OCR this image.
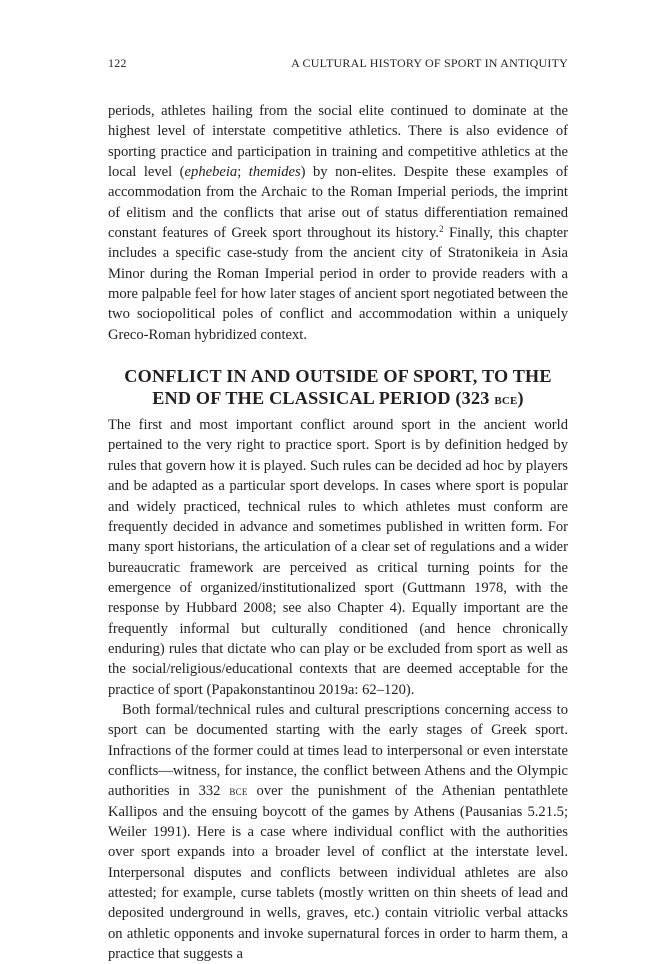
122	A CULTURAL HISTORY OF SPORT IN ANTIQUITY

periods, athletes hailing from the social elite continued to dominate at the highest level of interstate competitive athletics. There is also evidence of sporting practice and participation in training and competitive athletics at the local level (ephebeia; themides) by non-elites. Despite these examples of accommodation from the Archaic to the Roman Imperial periods, the imprint of elitism and the conflicts that arise out of status differentiation remained constant features of Greek sport throughout its history.$^2$ Finally, this chapter includes a specific case-study from the ancient city of Stratonikeia in Asia Minor during the Roman Imperial period in order to provide readers with a more palpable feel for how later stages of ancient sport negotiated between the two sociopolitical poles of conflict and accommodation within a uniquely Greco-Roman hybridized context.

CONFLICT IN AND OUTSIDE OF SPORT, TO THE END OF THE CLASSICAL PERIOD (323 bce)

The first and most important conflict around sport in the ancient world pertained to the very right to practice sport. Sport is by definition hedged by rules that govern how it is played. Such rules can be decided ad hoc by players and be adapted as a particular sport develops. In cases where sport is popular and widely practiced, technical rules to which athletes must conform are frequently decided in advance and sometimes published in written form. For many sport historians, the articulation of a clear set of regulations and a wider bureaucratic framework are perceived as critical turning points for the emergence of organized/institutionalized sport (Guttmann 1978, with the response by Hubbard 2008; see also Chapter 4). Equally important are the frequently informal but culturally conditioned (and hence chronically enduring) rules that dictate who can play or be excluded from sport as well as the social/religious/educational contexts that are deemed acceptable for the practice of sport (Papakonstantinou 2019a: 62–120).

Both formal/technical rules and cultural prescriptions concerning access to sport can be documented starting with the early stages of Greek sport. Infractions of the former could at times lead to interpersonal or even interstate conflicts—witness, for instance, the conflict between Athens and the Olympic authorities in 332 bce over the punishment of the Athenian pentathlete Kallipos and the ensuing boycott of the games by Athens (Pausanias 5.21.5; Weiler 1991). Here is a case where individual conflict with the authorities over sport expands into a broader level of conflict at the interstate level. Interpersonal disputes and conflicts between individual athletes are also attested; for example, curse tablets (mostly written on thin sheets of lead and deposited underground in wells, graves, etc.) contain vitriolic verbal attacks on athletic opponents and invoke supernatural forces in order to harm them, a practice that suggests a
